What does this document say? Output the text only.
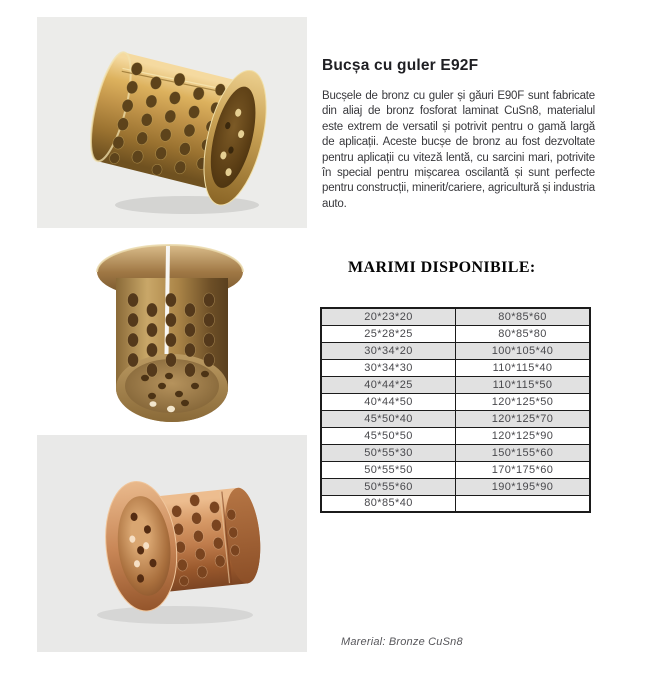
Bucșa cu guler E92F

Bucșele de bronz cu guler și găuri E90F sunt fabricate din aliaj de bronz fosforat laminat CuSn8, materialul este extrem de versatil și potrivit pentru o gamă largă de aplicații. Aceste bucșe de bronz au fost dezvoltate pentru aplicații cu viteză lentă, cu sarcini mari, potrivite în special pentru mișcarea oscilantă și sunt perfecte pentru construcții, minerit/cariere, agricultură și industria auto.

MARIMI DISPONIBILE:
20*23*20	80*85*60
25*28*25	80*85*80
30*34*20	100*105*40
30*34*30	110*115*40
40*44*25	110*115*50
40*44*50	120*125*50
45*50*40	120*125*70
45*50*50	120*125*90
50*55*30	150*155*60
50*55*50	170*175*60
50*55*60	190*195*90
80*85*40	

Marerial: Bronze CuSn8
